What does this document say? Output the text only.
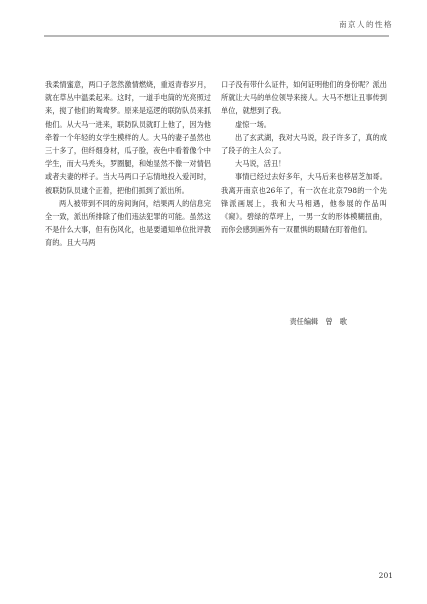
南京人的性格

我柔情蜜意，两口子忽然激情燃烧，重返青春岁月，就在草丛中温柔起来。这时，一道手电筒的光亮照过来，搅了他们的鸳鸯梦。原来是巡逻的联防队员来抓他们。从大马一进来，联防队员就盯上他了，因为他牵着一个年轻的女学生模样的人。大马的妻子虽然也三十多了，但纤细身材，瓜子脸，夜色中看着像个中学生，而大马秃头，罗圈腿，和她显然不像一对情侣或者夫妻的样子。当大马两口子忘情地投入爱河时，被联防队员逮个正着，把他们抓到了派出所。

两人被带到不同的房间询问，结果两人的信息完全一致，派出所排除了他们违法犯罪的可能。虽然这不是什么大事，但有伤风化，也是要通知单位批评教育的。且大马两

口子没有带什么证件，如何证明他们的身份呢？派出所就让大马的单位领导来接人。大马不想让丑事传到单位，就想到了我。

虚惊一场。

出了玄武湖，我对大马说，段子许多了，真的成了段子的主人公了。

大马说，活丑！

事情已经过去好多年，大马后来也移居芝加哥。我离开南京也26年了，有一次在北京798的一个先锋派画展上，我和大马相遇，他参展的作品叫《窥》。碧绿的草坪上，一男一女的形体模糊扭曲，而你会感到画外有一双瞿惧的眼睛在盯着他们。

责任编辑　曾　歌
201
